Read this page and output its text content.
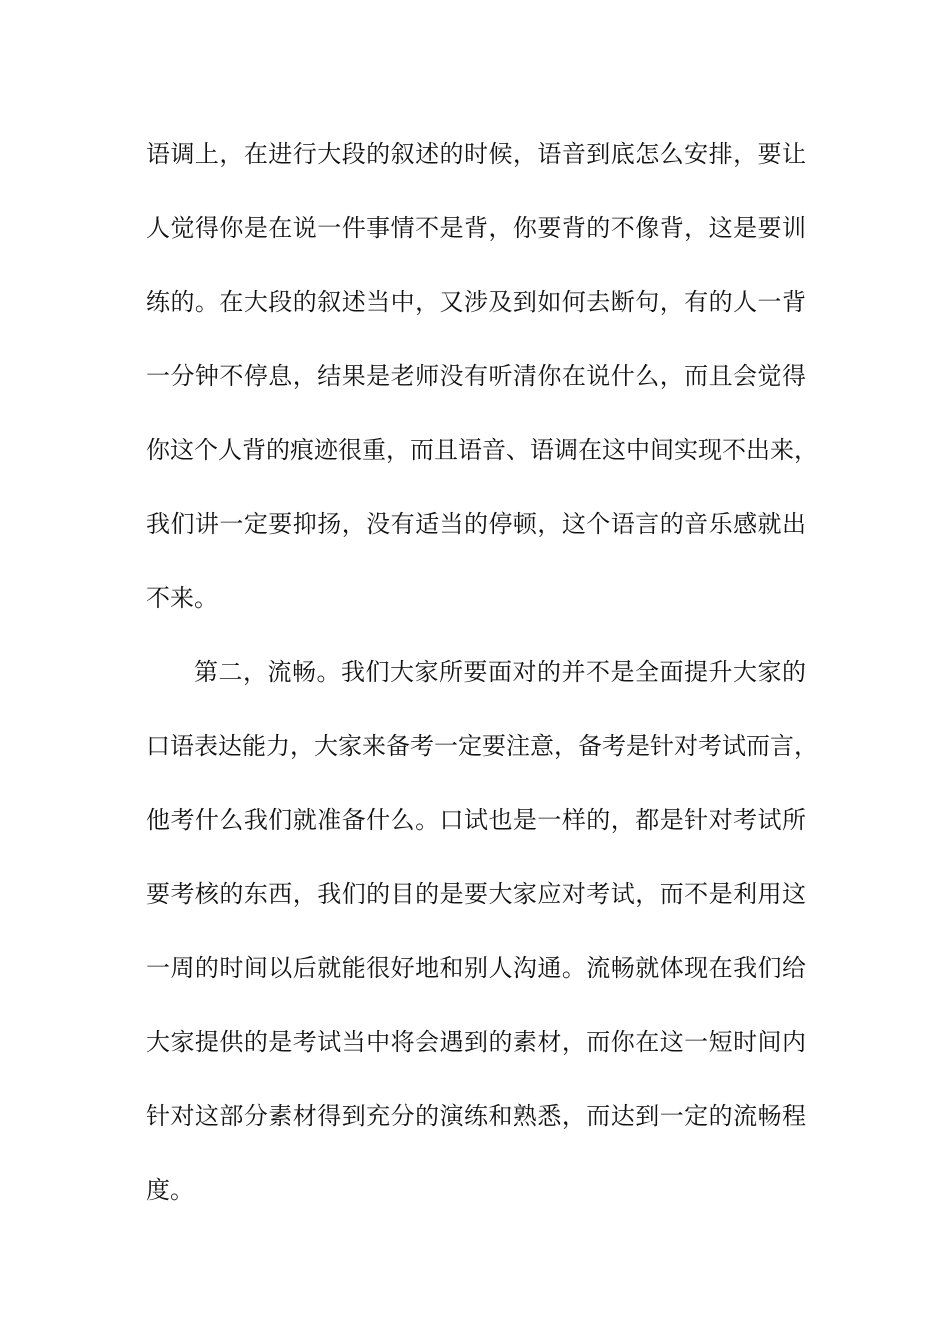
语调上，在进行大段的叙述的时候，语音到底怎么安排，要让
人觉得你是在说一件事情不是背，你要背的不像背，这是要训
练的。在大段的叙述当中，又涉及到如何去断句，有的人一背
一分钟不停息，结果是老师没有听清你在说什么，而且会觉得
你这个人背的痕迹很重，而且语音、语调在这中间实现不出来，
我们讲一定要抑扬，没有适当的停顿，这个语言的音乐感就出
不来。
第二，流畅。我们大家所要面对的并不是全面提升大家的
口语表达能力，大家来备考一定要注意，备考是针对考试而言，
他考什么我们就准备什么。口试也是一样的，都是针对考试所
要考核的东西，我们的目的是要大家应对考试，而不是利用这
一周的时间以后就能很好地和别人沟通。流畅就体现在我们给
大家提供的是考试当中将会遇到的素材，而你在这一短时间内
针对这部分素材得到充分的演练和熟悉，而达到一定的流畅程
度。
